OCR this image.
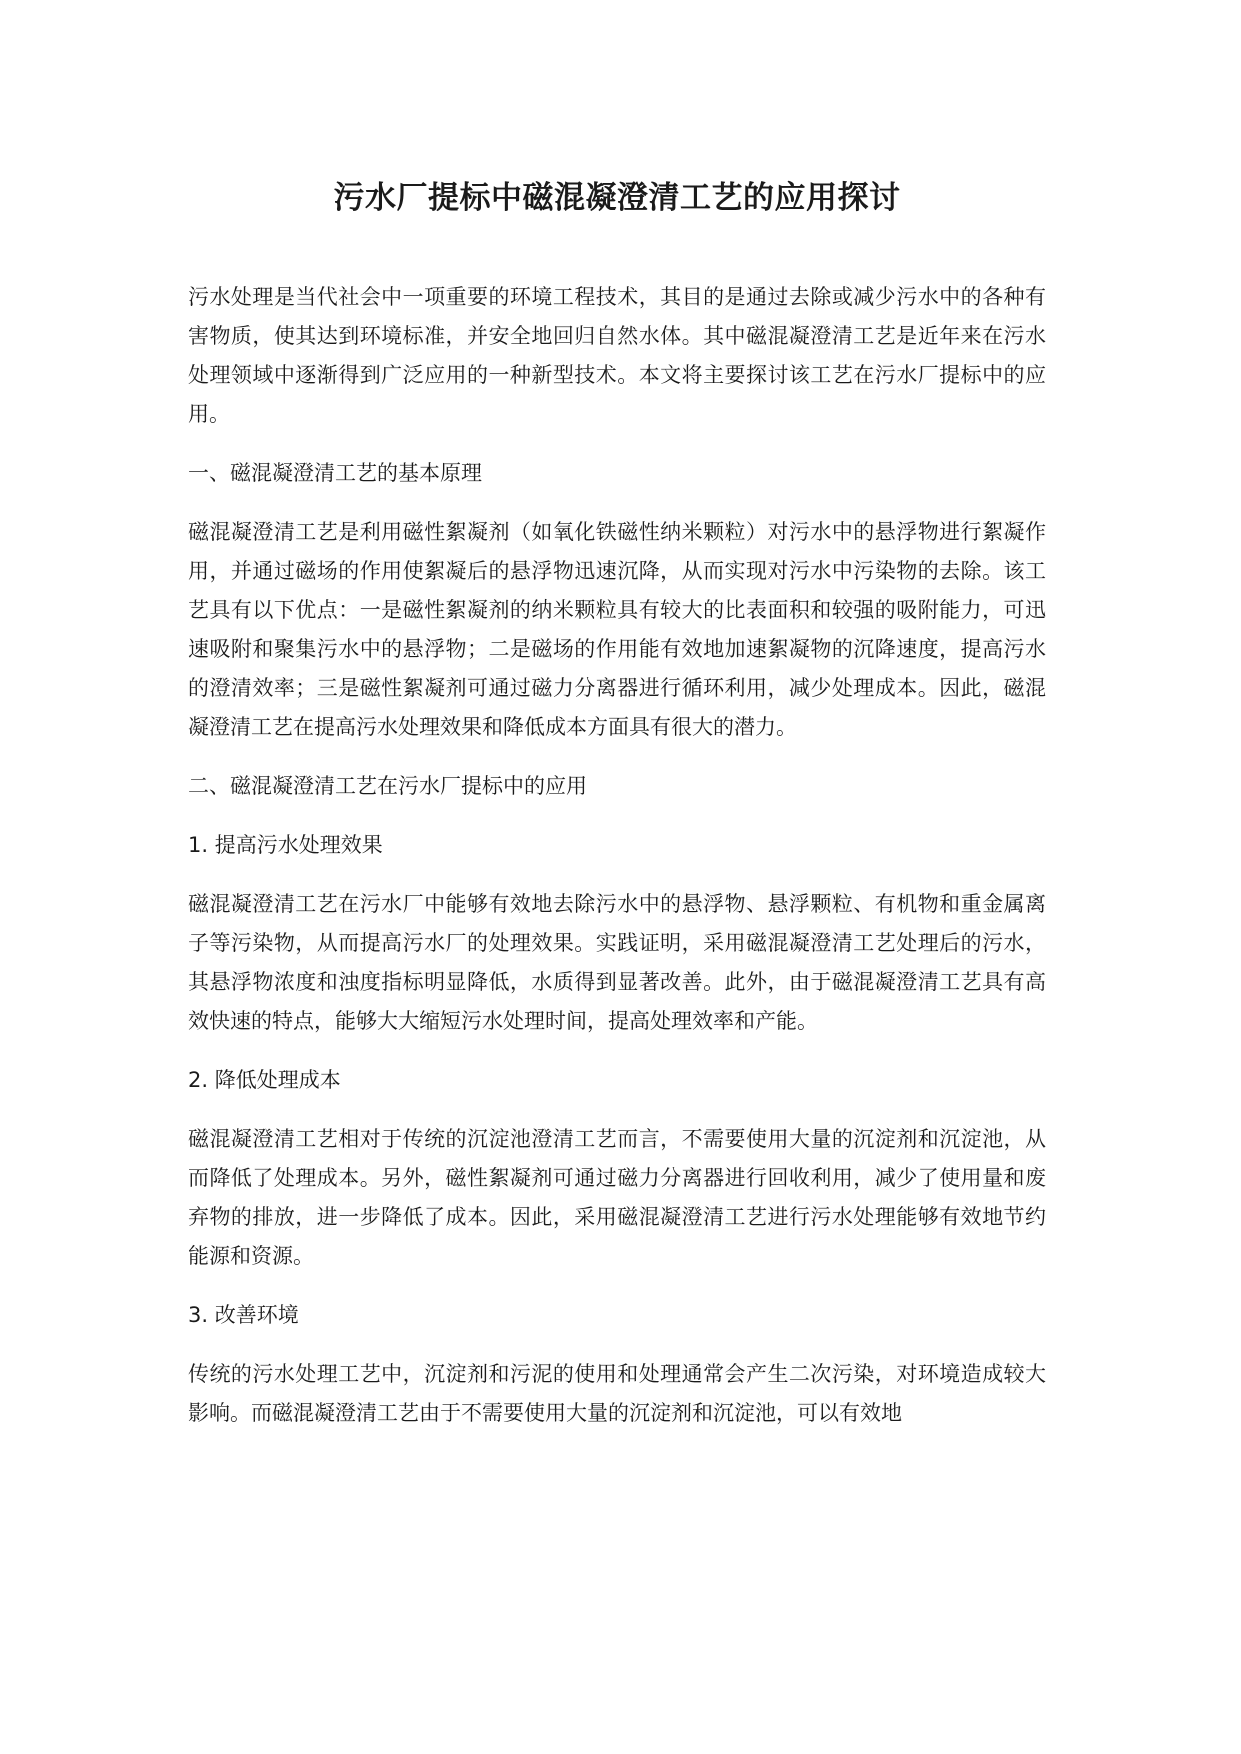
污水厂提标中磁混凝澄清工艺的应用探讨

污水处理是当代社会中一项重要的环境工程技术，其目的是通过去除或减少污水中的各种有害物质，使其达到环境标准，并安全地回归自然水体。其中磁混凝澄清工艺是近年来在污水处理领域中逐渐得到广泛应用的一种新型技术。本文将主要探讨该工艺在污水厂提标中的应用。

一、磁混凝澄清工艺的基本原理

磁混凝澄清工艺是利用磁性絮凝剂（如氧化铁磁性纳米颗粒）对污水中的悬浮物进行絮凝作用，并通过磁场的作用使絮凝后的悬浮物迅速沉降，从而实现对污水中污染物的去除。该工艺具有以下优点：一是磁性絮凝剂的纳米颗粒具有较大的比表面积和较强的吸附能力，可迅速吸附和聚集污水中的悬浮物；二是磁场的作用能有效地加速絮凝物的沉降速度，提高污水的澄清效率；三是磁性絮凝剂可通过磁力分离器进行循环利用，减少处理成本。因此，磁混凝澄清工艺在提高污水处理效果和降低成本方面具有很大的潜力。

二、磁混凝澄清工艺在污水厂提标中的应用

1. 提高污水处理效果

磁混凝澄清工艺在污水厂中能够有效地去除污水中的悬浮物、悬浮颗粒、有机物和重金属离子等污染物，从而提高污水厂的处理效果。实践证明，采用磁混凝澄清工艺处理后的污水，其悬浮物浓度和浊度指标明显降低，水质得到显著改善。此外，由于磁混凝澄清工艺具有高效快速的特点，能够大大缩短污水处理时间，提高处理效率和产能。

2. 降低处理成本

磁混凝澄清工艺相对于传统的沉淀池澄清工艺而言，不需要使用大量的沉淀剂和沉淀池，从而降低了处理成本。另外，磁性絮凝剂可通过磁力分离器进行回收利用，减少了使用量和废弃物的排放，进一步降低了成本。因此，采用磁混凝澄清工艺进行污水处理能够有效地节约能源和资源。

3. 改善环境

传统的污水处理工艺中，沉淀剂和污泥的使用和处理通常会产生二次污染，对环境造成较大影响。而磁混凝澄清工艺由于不需要使用大量的沉淀剂和沉淀池，可以有效地
